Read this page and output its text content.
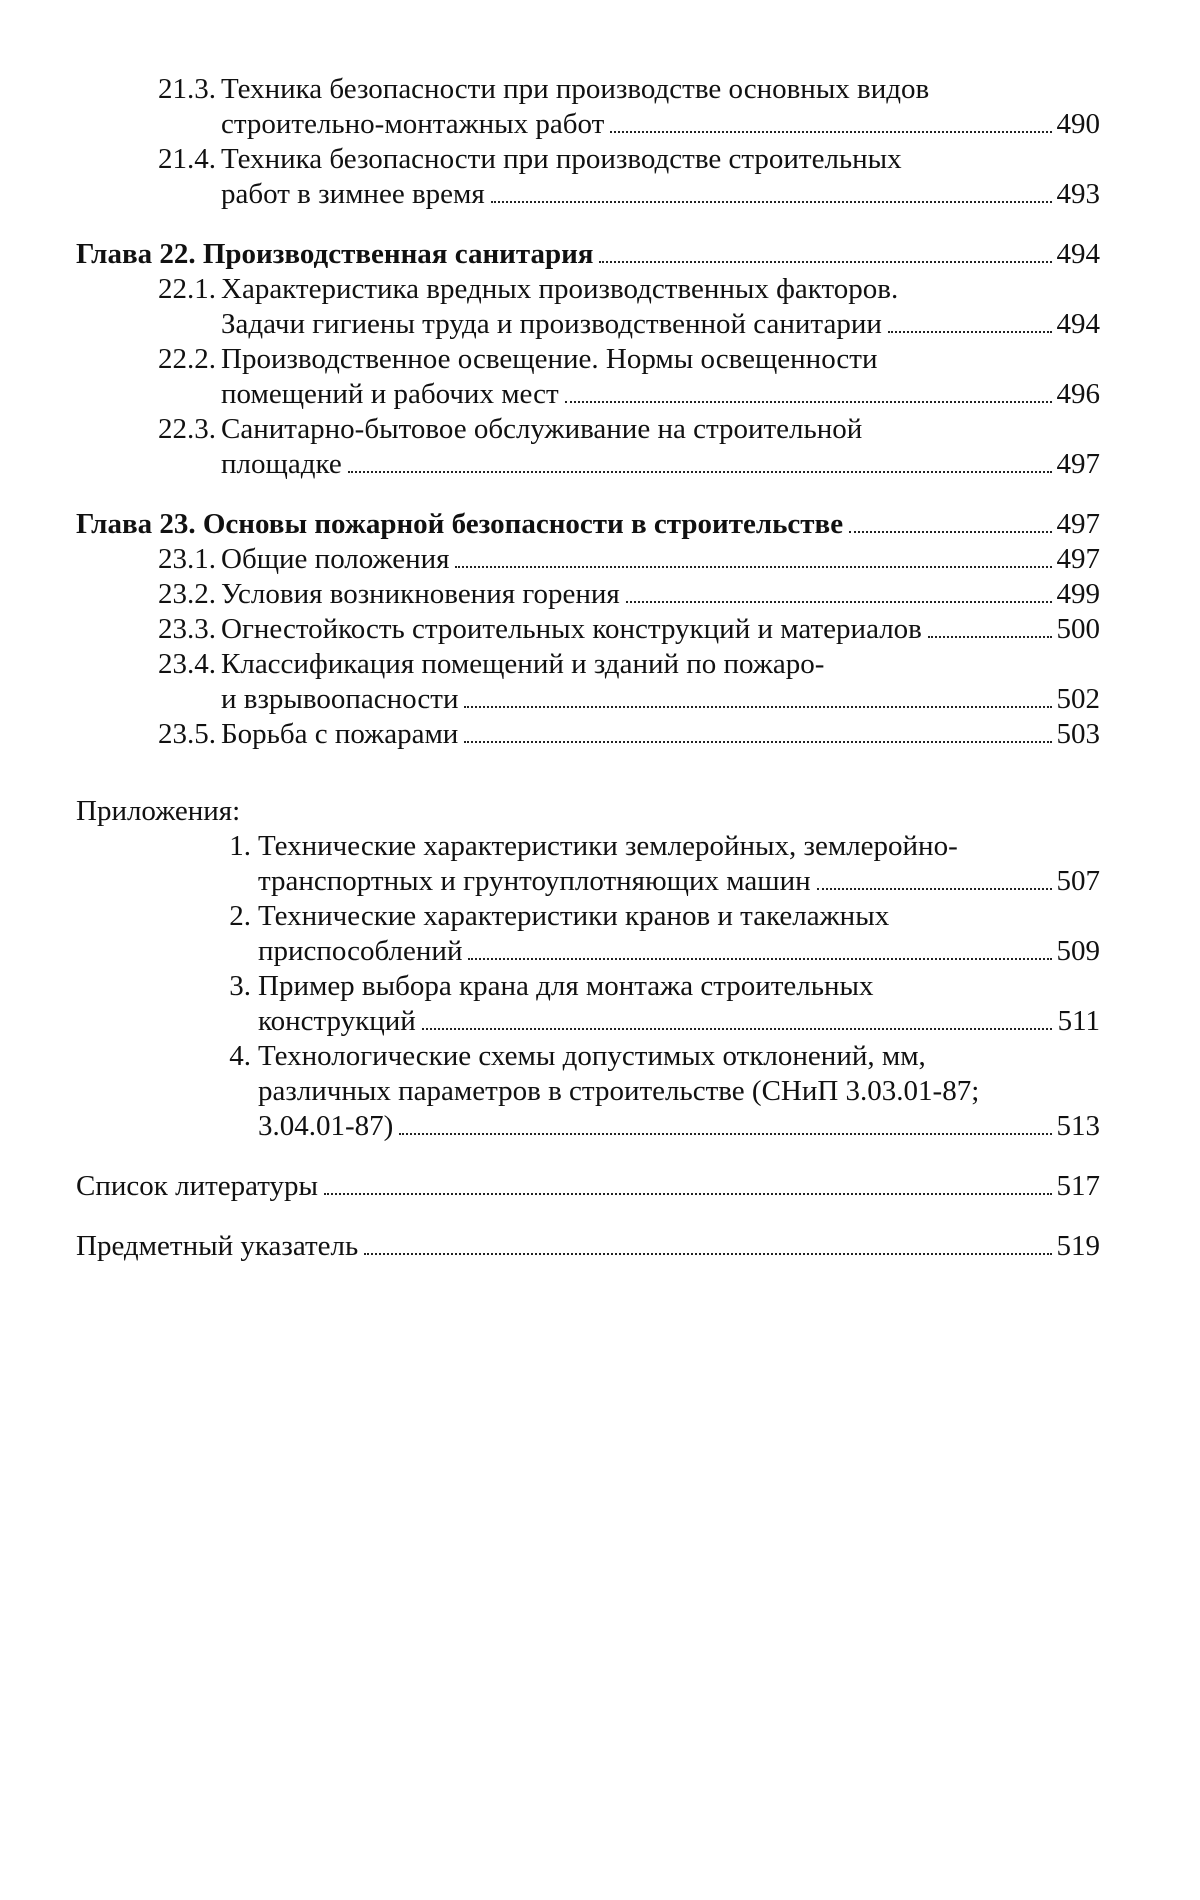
21.3. Техника безопасности при производстве основных видов
строительно-монтажных работ	490
21.4. Техника безопасности при производстве строительных
работ в зимнее время	493
Глава 22. Производственная санитария	494
22.1. Характеристика вредных производственных факторов.
Задачи гигиены труда и производственной санитарии	494
22.2. Производственное освещение. Нормы освещенности
помещений и рабочих мест	496
22.3. Санитарно-бытовое обслуживание на строительной
площадке	497
Глава 23. Основы пожарной безопасности в строительстве	497
23.1. Общие положения	497
23.2. Условия возникновения горения	499
23.3. Огнестойкость строительных конструкций и материалов	500
23.4. Классификация помещений и зданий по пожаро-
и взрывоопасности	502
23.5. Борьба с пожарами	503
Приложения:
1. Технические характеристики землеройных, землеройно-
транспортных и грунтоуплотняющих машин	507
2. Технические характеристики кранов и такелажных
приспособлений	509
3. Пример выбора крана для монтажа строительных
конструкций	511
4. Технологические схемы допустимых отклонений, мм,
различных параметров в строительстве (СНиП 3.03.01-87;
3.04.01-87)	513
Список литературы	517
Предметный указатель	519
